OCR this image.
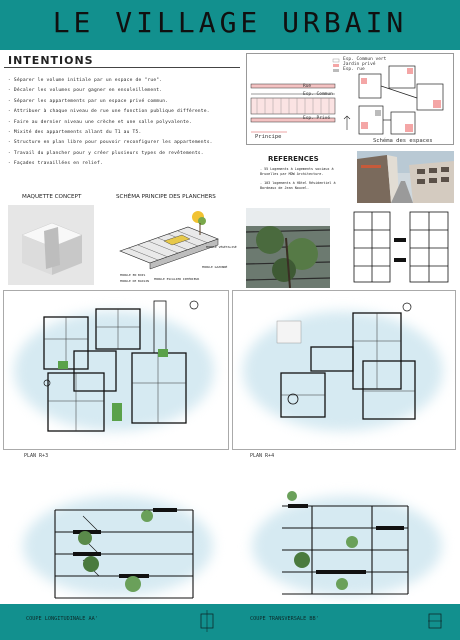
LE VILLAGE URBAIN
INTENTIONS
- Séparer le volume initiale par un espace de "rue".
- Décaler les volumes pour gagner en ensoleillement.
- Séparer les appartements par un espace privé commun.
- Attribuer à chaque niveau de rue une fonction publique différente.
- Faire au dernier niveau une crèche et une salle polyvalente.
- Mixité des appartements allant du T1 au T5.
- Structure en plan libre pour pouvoir reconfigurer les appartements.
- Travail du plancher pour y créer plusieurs types de revêtements.
- Façades travaillées en relief.
Esp. Commun vert
Jardin privé
Esp. rue
Rue
Esp. Commun
Esp. Privé
Principe
Schéma des espaces
REFERENCES

- 55 Logements à Logements sociaux à Bruxelles par MDW Architecture.

- 103 logements à Hôtel Résidentiel à Bordeaux de Jean Nouvel.

MAQUETTE CONCEPT	SCHÉMA PRINCIPE DES PLANCHERS
MODULE VÉGÉTALISÉ
MODULE GAZONNÉ
MODULE EN BOIS
MODULE ESCALIER INTÉRIEUR
MODULE DE BASSIN
PLAN R+3	PLAN R+4
COUPE LONGITUDINALE AA'	COUPE TRANSVERSALE BB'
